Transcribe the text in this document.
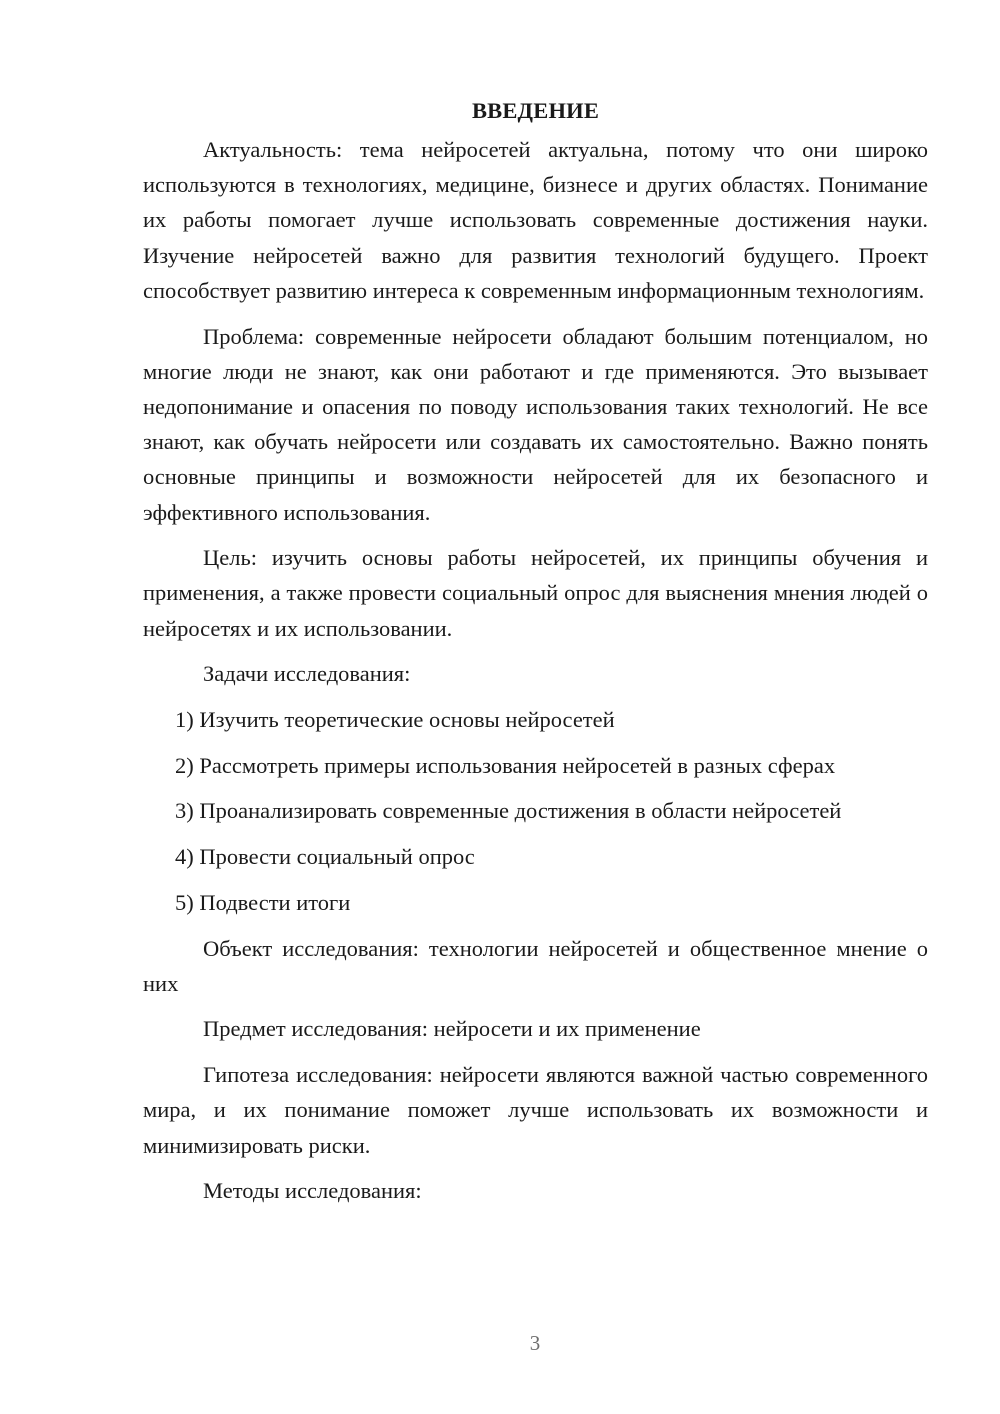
ВВЕДЕНИЕ

Актуальность: тема нейросетей актуальна, потому что они широко используются в технологиях, медицине, бизнесе и других областях. Понимание их работы помогает лучше использовать современные достижения науки. Изучение нейросетей важно для развития технологий будущего. Проект способствует развитию интереса к современным информационным технологиям.

Проблема: современные нейросети обладают большим потенциалом, но многие люди не знают, как они работают и где применяются. Это вызывает недопонимание и опасения по поводу использования таких технологий. Не все знают, как обучать нейросети или создавать их самостоятельно. Важно понять основные принципы и возможности нейросетей для их безопасного и эффективного использования.

Цель: изучить основы работы нейросетей, их принципы обучения и применения, а также провести социальный опрос для выяснения мнения людей о нейросетях и их использовании.

Задачи исследования:

1) Изучить теоретические основы нейросетей

2) Рассмотреть примеры использования нейросетей в разных сферах

3) Проанализировать современные достижения в области нейросетей

4) Провести социальный опрос

5) Подвести итоги

Объект исследования: технологии нейросетей и общественное мнение о них

Предмет исследования: нейросети и их применение

Гипотеза исследования: нейросети являются важной частью современного мира, и их понимание поможет лучше использовать их возможности и минимизировать риски.

Методы исследования:

3
